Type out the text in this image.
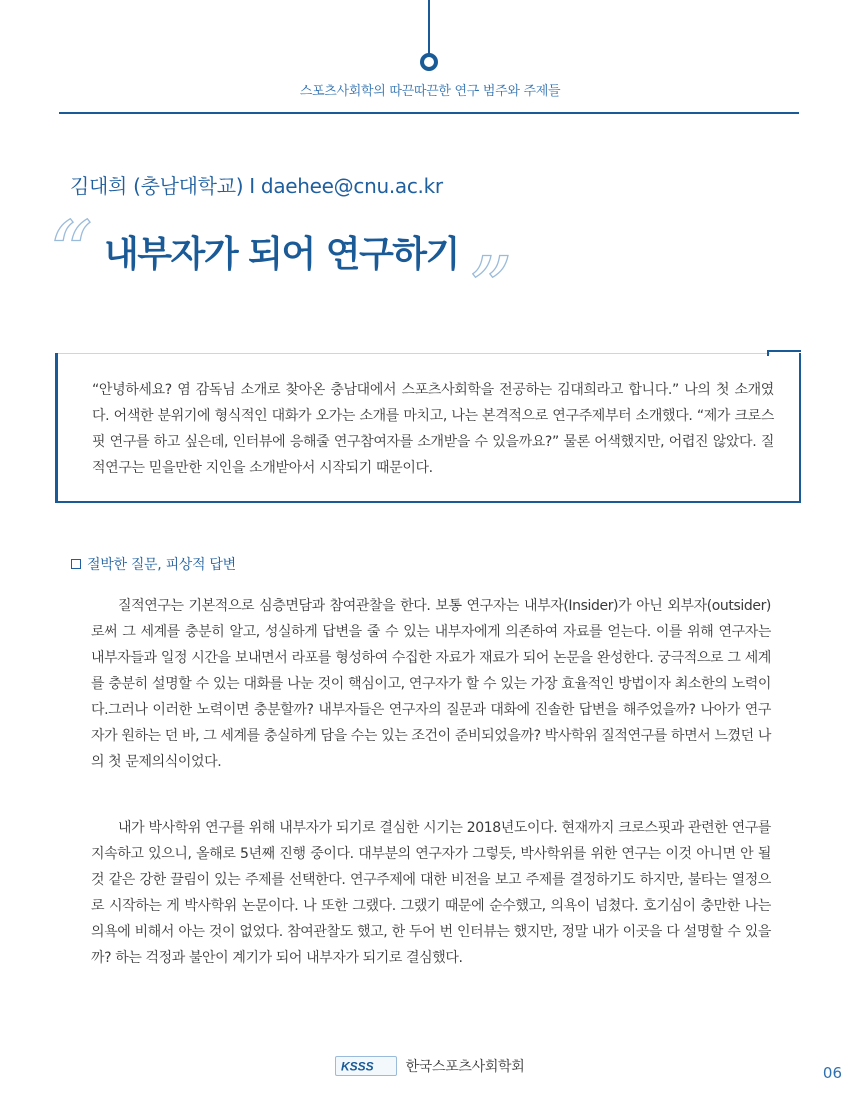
스포츠사회학의 따끈따끈한 연구 범주와 주제들
김대희 (충남대학교) I daehee@cnu.ac.kr
“ 내부자가 되어 연구하기 ”
“안녕하세요? 염 감독님 소개로 찾아온 충남대에서 스포츠사회학을 전공하는 김대희라고 합니다.” 나의 첫 소개였다. 어색한 분위기에 형식적인 대화가 오가는 소개를 마치고, 나는 본격적으로 연구주제부터 소개했다. “제가 크로스핏 연구를 하고 싶은데, 인터뷰에 응해줄 연구참여자를 소개받을 수 있을까요?” 물론 어색했지만, 어렵진 않았다. 질적연구는 믿을만한 지인을 소개받아서 시작되기 때문이다.
절박한 질문, 피상적 답변

질적연구는 기본적으로 심층면담과 참여관찰을 한다. 보통 연구자는 내부자(Insider)가 아닌 외부자(outsider)로써 그 세계를 충분히 알고, 성실하게 답변을 줄 수 있는 내부자에게 의존하여 자료를 얻는다. 이를 위해 연구자는 내부자들과 일정 시간을 보내면서 라포를 형성하여 수집한 자료가 재료가 되어 논문을 완성한다. 궁극적으로 그 세계를 충분히 설명할 수 있는 대화를 나눈 것이 핵심이고, 연구자가 할 수 있는 가장 효율적인 방법이자 최소한의 노력이다.그러나 이러한 노력이면 충분할까? 내부자들은 연구자의 질문과 대화에 진솔한 답변을 해주었을까? 나아가 연구자가 원하는 던 바, 그 세계를 충실하게 담을 수는 있는 조건이 준비되었을까? 박사학위 질적연구를 하면서 느꼈던 나의 첫 문제의식이었다.

내가 박사학위 연구를 위해 내부자가 되기로 결심한 시기는 2018년도이다. 현재까지 크로스핏과 관련한 연구를 지속하고 있으니, 올해로 5년째 진행 중이다. 대부분의 연구자가 그렇듯, 박사학위를 위한 연구는 이것 아니면 안 될 것 같은 강한 끌림이 있는 주제를 선택한다. 연구주제에 대한 비전을 보고 주제를 결정하기도 하지만, 불타는 열정으로 시작하는 게 박사학위 논문이다. 나 또한 그랬다. 그랬기 때문에 순수했고, 의욕이 넘쳤다. 호기심이 충만한 나는 의욕에 비해서 아는 것이 없었다. 참여관찰도 했고, 한 두어 번 인터뷰는 했지만, 정말 내가 이곳을 다 설명할 수 있을까? 하는 걱정과 불안이 계기가 되어 내부자가 되기로 결심했다.

KSSS 한국스포츠사회학회	06
